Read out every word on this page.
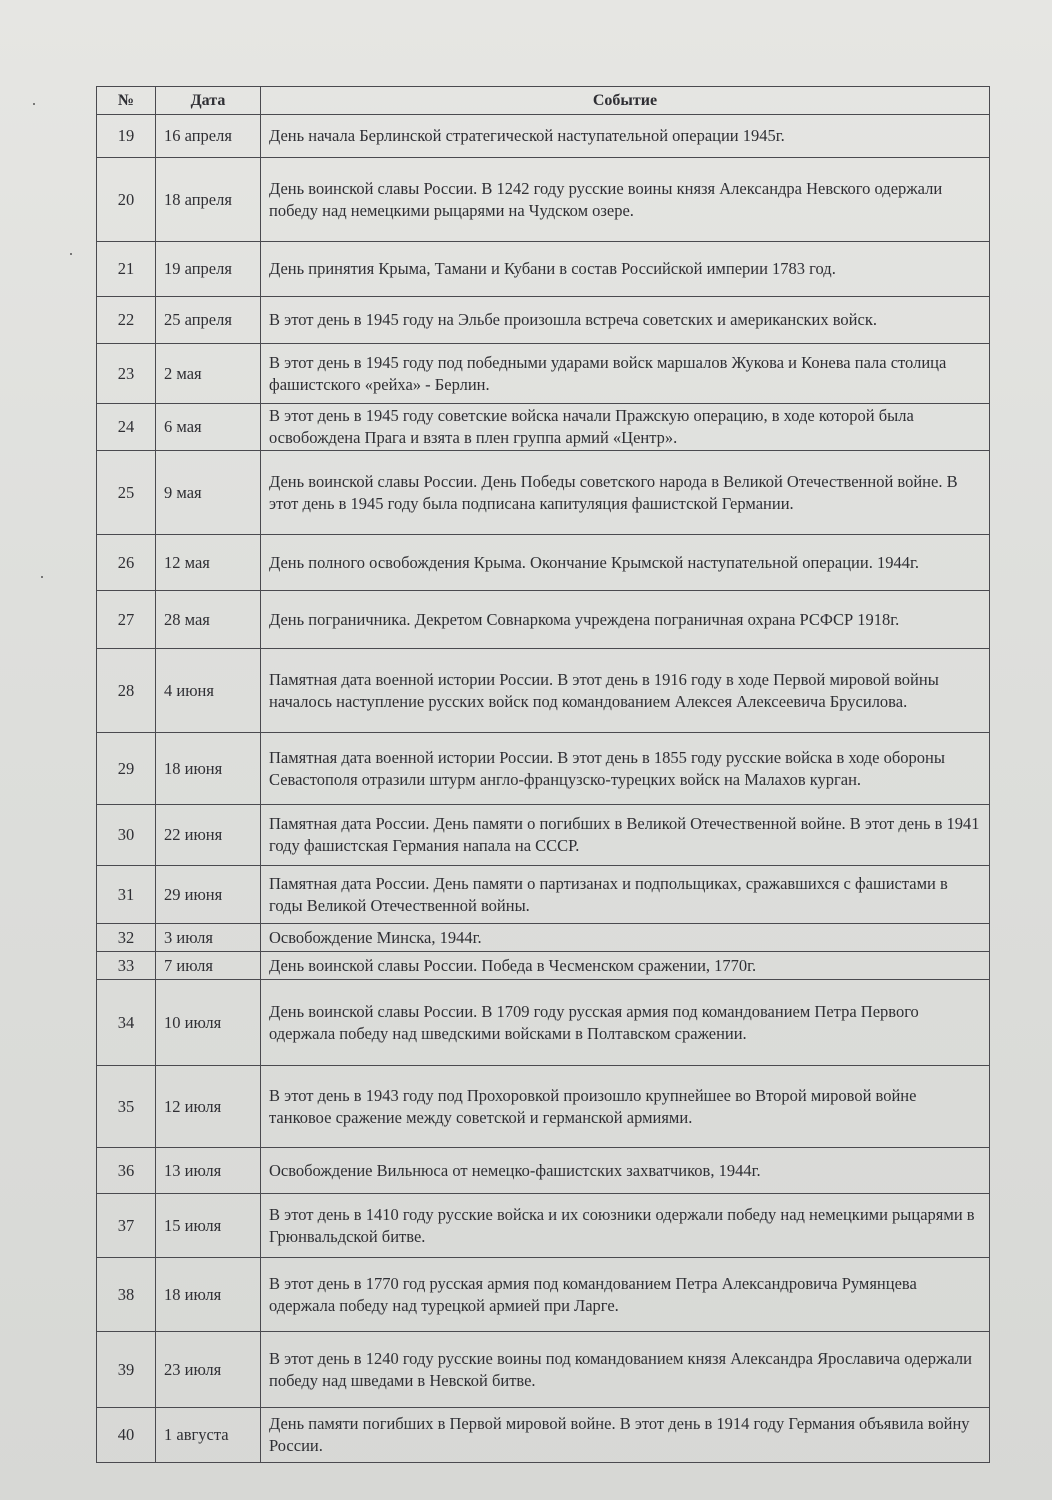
№	Дата	Событие
19	16 апреля	День начала Берлинской стратегической наступательной операции 1945г.
20	18 апреля	День воинской славы России. В 1242 году русские воины князя Александра Невского одержали победу над немецкими рыцарями на Чудском озере.
21	19 апреля	День принятия Крыма, Тамани и Кубани в состав Российской империи 1783 год.
22	25 апреля	В этот день в 1945 году на Эльбе произошла встреча советских и американских войск.
23	2 мая	В этот день в 1945 году под победными ударами войск маршалов Жукова и Конева пала столица фашистского «рейха» - Берлин.
24	6 мая	В этот день в 1945 году советские войска начали Пражскую операцию, в ходе которой была освобождена Прага и взята в плен группа армий «Центр».
25	9 мая	День воинской славы России. День Победы советского народа в Великой Отечественной войне. В этот день в 1945 году была подписана капитуляция фашистской Германии.
26	12 мая	День полного освобождения Крыма. Окончание Крымской наступательной операции. 1944г.
27	28 мая	День пограничника. Декретом Совнаркома учреждена пограничная охрана РСФСР 1918г.
28	4 июня	Памятная дата военной истории России. В этот день в 1916 году в ходе Первой мировой войны началось наступление русских войск под командованием Алексея Алексеевича Брусилова.
29	18 июня	Памятная дата военной истории России. В этот день в 1855 году русские войска в ходе обороны Севастополя отразили штурм англо-французско-турецких войск на Малахов курган.
30	22 июня	Памятная дата России. День памяти о погибших в Великой Отечественной войне. В этот день в 1941 году фашистская Германия напала на СССР.
31	29 июня	Памятная дата России. День памяти о партизанах и подпольщиках, сражавшихся с фашистами в годы Великой Отечественной войны.
32	3 июля	Освобождение Минска, 1944г.
33	7 июля	День воинской славы России. Победа в Чесменском сражении, 1770г.
34	10 июля	День воинской славы России. В 1709 году русская армия под командованием Петра Первого одержала победу над шведскими войсками в Полтавском сражении.
35	12 июля	В этот день в 1943 году под Прохоровкой произошло крупнейшее во Второй мировой войне танковое сражение между советской и германской армиями.
36	13 июля	Освобождение Вильнюса от немецко-фашистских захватчиков, 1944г.
37	15 июля	В этот день в 1410 году русские войска и их союзники одержали победу над немецкими рыцарями в Грюнвальдской битве.
38	18 июля	В этот день в 1770 год русская армия под командованием Петра Александровича Румянцева одержала победу над турецкой армией при Ларге.
39	23 июля	В этот день в 1240 году русские воины под командованием князя Александра Ярославича одержали победу над шведами в Невской битве.
40	1 августа	День памяти погибших в Первой мировой войне. В этот день в 1914 году Германия объявила войну России.
